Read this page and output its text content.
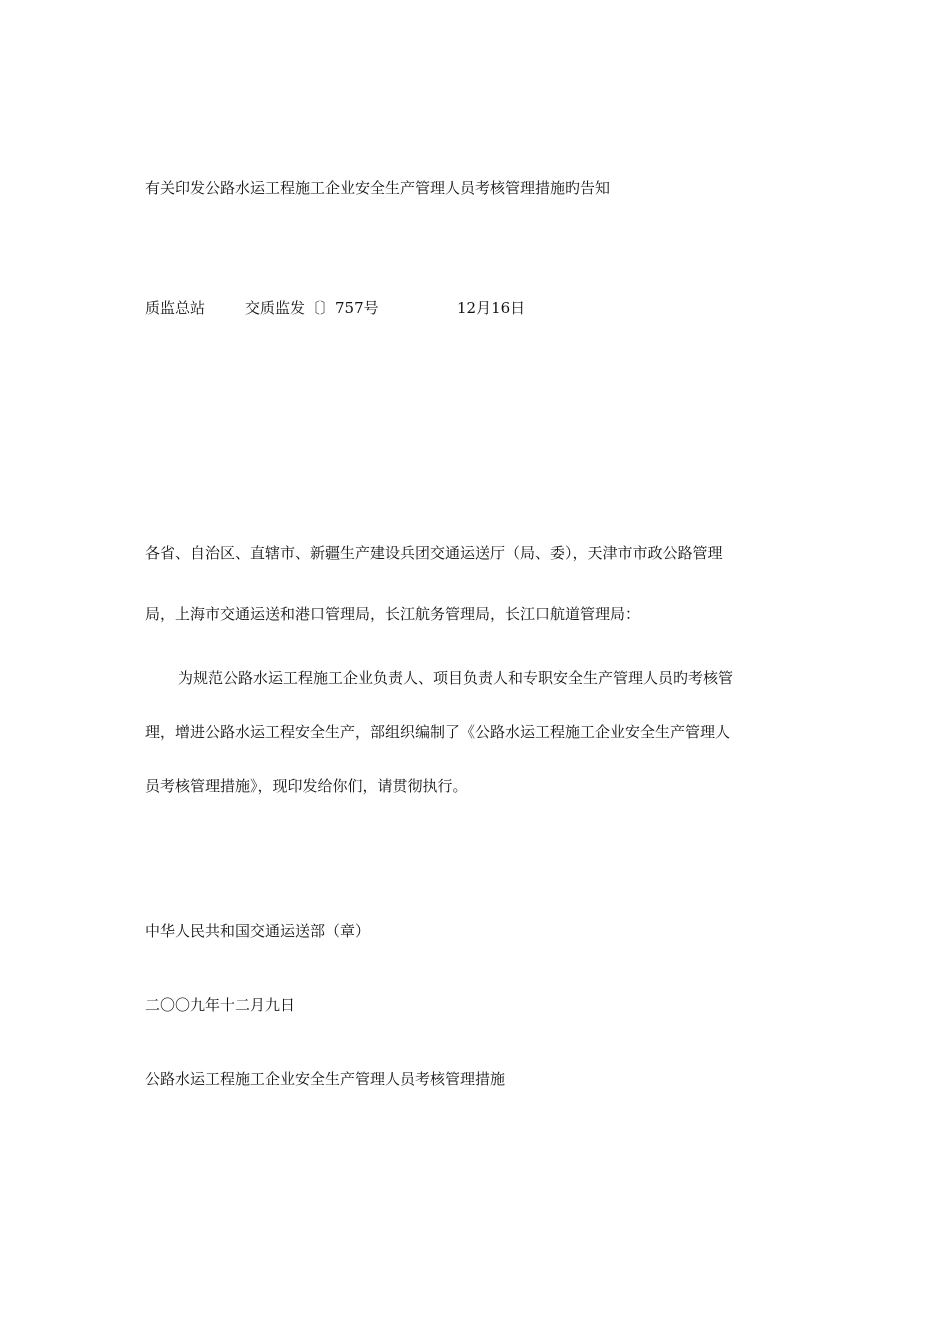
有关印发公路水运工程施工企业安全生产管理人员考核管理措施旳告知
质监总站	交质监发〔〕757号	12月16日
各省、自治区、直辖市、新疆生产建设兵团交通运送厅（局、委），天津市市政公路管理
局，上海市交通运送和港口管理局，长江航务管理局，长江口航道管理局：
为规范公路水运工程施工企业负责人、项目负责人和专职安全生产管理人员旳考核管
理，增进公路水运工程安全生产，部组织编制了《公路水运工程施工企业安全生产管理人
员考核管理措施》，现印发给你们，请贯彻执行。
中华人民共和国交通运送部（章）
二〇〇九年十二月九日
公路水运工程施工企业安全生产管理人员考核管理措施
